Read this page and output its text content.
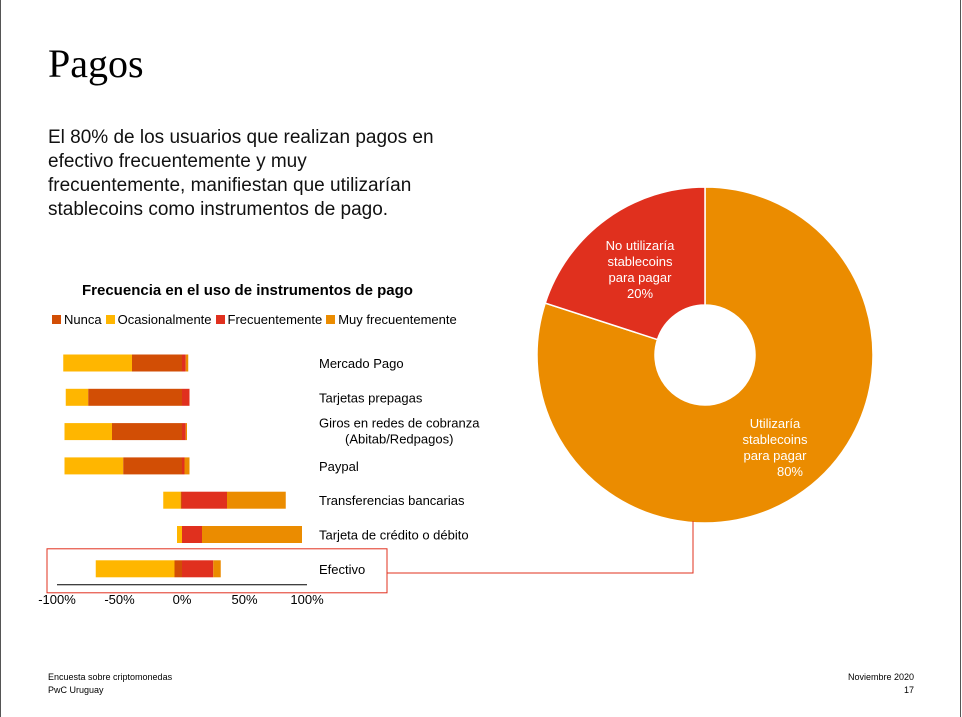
Pagos

El 80% de los usuarios que realizan pagos en efectivo frecuentemente y muy frecuentemente, manifiestan que utilizarían stablecoins como instrumentos de pago.

Frecuencia en el uso de instrumentos de pago
Nunca Ocasionalmente Frecuentemente Muy frecuentemente
Mercado Pago
Tarjetas prepagas
Giros en redes de cobranza (Abitab/Redpagos)
Paypal
Transferencias bancarias
Tarjeta de crédito o débito
Efectivo
-100% -50%	0%	50%	100%
Utilizaría stablecoins para pagar
80%
No utilizaría stablecoins para pagar
20%
Encuesta sobre criptomonedas
PwC Uruguay
Noviembre 2020
17
